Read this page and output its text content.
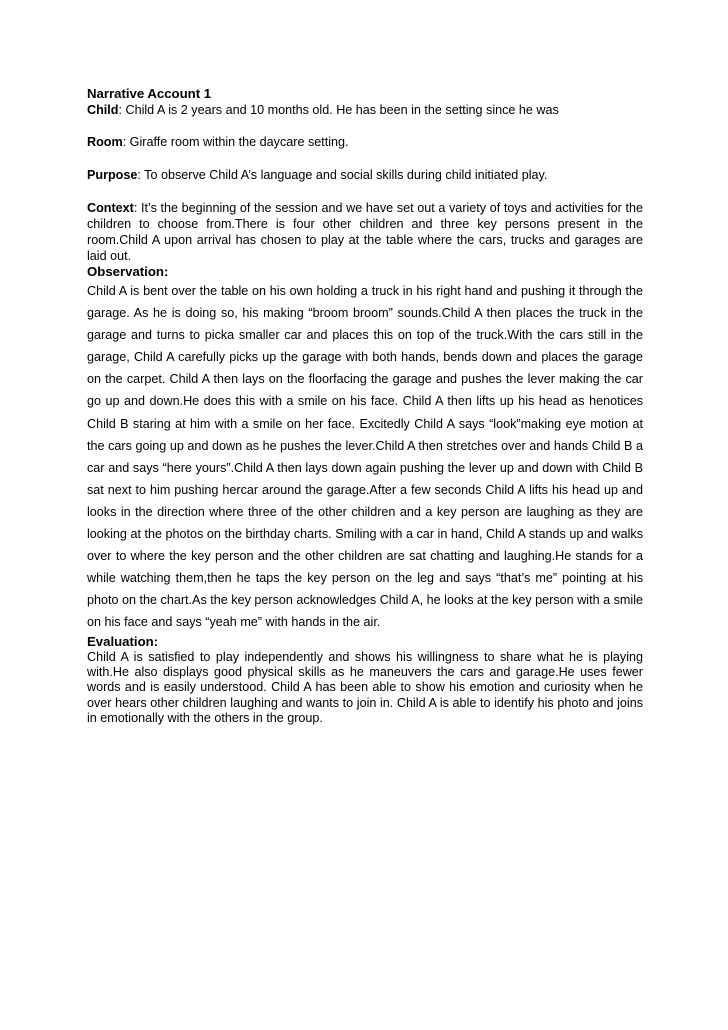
Narrative Account 1

Child: Child A is 2 years and 10 months old. He has been in the setting since he was

Room: Giraffe room within the daycare setting.

Purpose: To observe Child A’s language and social skills during child initiated play.

Context: It’s the beginning of the session and we have set out a variety of toys and activities for the children to choose from.There is four other children and three key persons present in the room.Child A upon arrival has chosen to play at the table where the cars, trucks and garages are laid out.

Observation:

Child A is bent over the table on his own holding a truck in his right hand and pushing it through the garage. As he is doing so, his making “broom broom” sounds.Child A then places the truck in the garage and turns to picka smaller car and places this on top of the truck.With the cars still in the garage, Child A carefully picks up the garage with both hands, bends down and places the garage on the carpet. Child A then lays on the floorfacing the garage and pushes the lever making the car go up and down.He does this with a smile on his face. Child A then lifts up his head as henotices Child B staring at him with a smile on her face. Excitedly Child A says “look”making eye motion at the cars going up and down as he pushes the lever.Child A then stretches over and hands Child B a car and says “here yours”.Child A then lays down again pushing the lever up and down with Child B sat next to him pushing hercar around the garage.After a few seconds Child A lifts his head up and looks in the direction where three of the other children and a key person are laughing as they are looking at the photos on the birthday charts. Smiling with a car in hand, Child A stands up and walks over to where the key person and the other children are sat chatting and laughing.He stands for a while watching them,then he taps the key person on the leg and says “that’s me” pointing at his photo on the chart.As the key person acknowledges Child A, he looks at the key person with a smile on his face and says “yeah me” with hands in the air.

Evaluation:

Child A is satisfied to play independently and shows his willingness to share what he is playing with.He also displays good physical skills as he maneuvers the cars and garage.He uses fewer words and is easily understood. Child A has been able to show his emotion and curiosity when he over hears other children laughing and wants to join in. Child A is able to identify his photo and joins in emotionally with the others in the group.
